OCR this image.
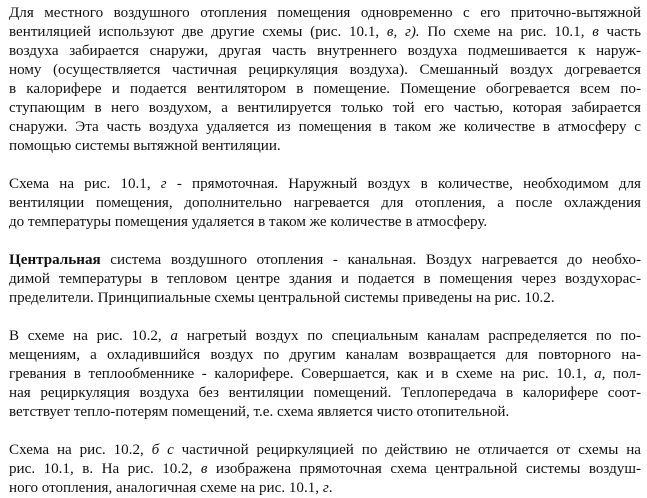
Для местного воздушного отопления помещения одновременно с его приточно-вытяжной
вентиляцией используют две другие схемы (рис. 10.1, в, г). По схеме на рис. 10.1, в часть
воздуха забирается снаружи, другая часть внутреннего воздуха подмешивается к наруж-
ному (осуществляется частичная рециркуляция воздуха). Смешанный воздух догревается
в калорифере и подается вентилятором в помещение. Помещение обогревается всем по-
ступающим в него воздухом, а вентилируется только той его частью, которая забирается
снаружи. Эта часть воздуха удаляется из помещения в таком же количестве в атмосферу с
помощью системы вытяжной вентиляции.

Схема на рис. 10.1, г - прямоточная. Наружный воздух в количестве, необходимом для
вентиляции помещения, дополнительно нагревается для отопления, а после охлаждения
до температуры помещения удаляется в таком же количестве в атмосферу.

Центральная система воздушного отопления - канальная. Воздух нагревается до необхо-
димой температуры в тепловом центре здания и подается в помещения через воздухорас-
пределители. Принципиальные схемы центральной системы приведены на рис. 10.2.

В схеме на рис. 10.2, а нагретый воздух по специальным каналам распределяется по по-
мещениям, а охладившийся воздух по другим каналам возвращается для повторного на-
гревания в теплообменнике - калорифере. Совершается, как и в схеме на рис. 10.1, а, пол-
ная рециркуляция воздуха без вентиляции помещений. Теплопередача в калорифере соот-
ветствует тепло-потерям помещений, т.е. схема является чисто отопительной.

Схема на рис. 10.2, б с частичной рециркуляцией по действию не отличается от схемы на
рис. 10.1, в. На рис. 10.2, в изображена прямоточная схема центральной системы воздуш-
ного отопления, аналогичная схеме на рис. 10.1, г.
